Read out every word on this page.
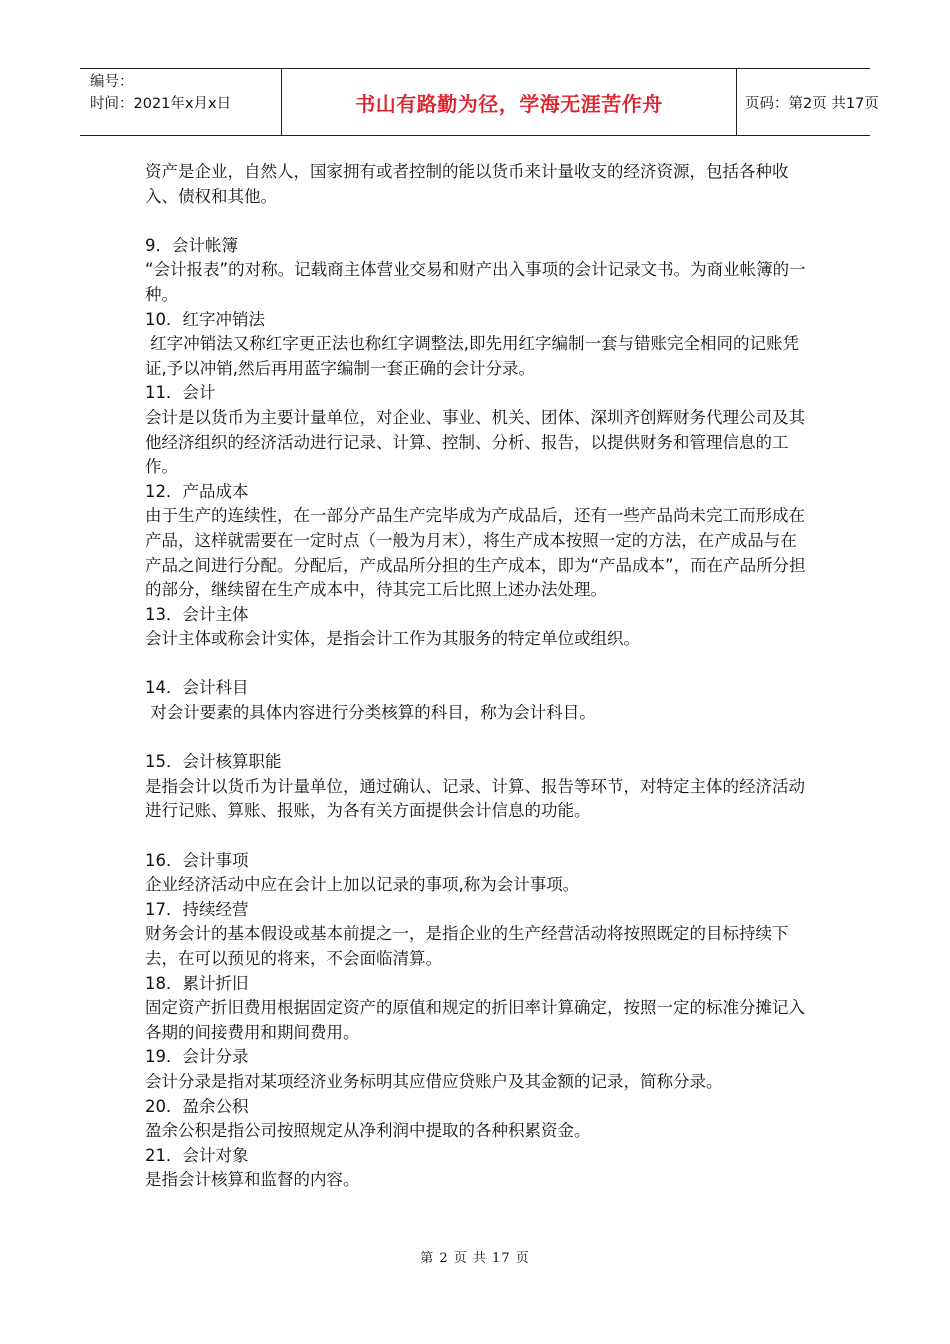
编号：
时间：2021年x月x日	书山有路勤为径，学海无涯苦作舟	页码：第2页 共17页

资产是企业，自然人，国家拥有或者控制的能以货币来计量收支的经济资源，包括各种收入、债权和其他。

9．会计帐簿

“会计报表”的对称。记载商主体营业交易和财产出入事项的会计记录文书。为商业帐簿的一种。

10．红字冲销法

红字冲销法又称红字更正法也称红字调整法,即先用红字编制一套与错账完全相同的记账凭证,予以冲销,然后再用蓝字编制一套正确的会计分录。

11．会计

会计是以货币为主要计量单位，对企业、事业、机关、团体、深圳齐创辉财务代理公司及其他经济组织的经济活动进行记录、计算、控制、分析、报告，以提供财务和管理信息的工作。

12．产品成本

由于生产的连续性，在一部分产品生产完毕成为产成品后，还有一些产品尚未完工而形成在产品，这样就需要在一定时点（一般为月末），将生产成本按照一定的方法，在产成品与在产品之间进行分配。分配后，产成品所分担的生产成本，即为“产品成本”，而在产品所分担的部分，继续留在生产成本中，待其完工后比照上述办法处理。

13．会计主体

会计主体或称会计实体，是指会计工作为其服务的特定单位或组织。

14．会计科目

对会计要素的具体内容进行分类核算的科目，称为会计科目。

15．会计核算职能

是指会计以货币为计量单位，通过确认、记录、计算、报告等环节，对特定主体的经济活动进行记账、算账、报账，为各有关方面提供会计信息的功能。

16．会计事项

企业经济活动中应在会计上加以记录的事项,称为会计事项。

17．持续经营

财务会计的基本假设或基本前提之一，是指企业的生产经营活动将按照既定的目标持续下去，在可以预见的将来，不会面临清算。

18．累计折旧

固定资产折旧费用根据固定资产的原值和规定的折旧率计算确定，按照一定的标准分摊记入各期的间接费用和期间费用。

19．会计分录

会计分录是指对某项经济业务标明其应借应贷账户及其金额的记录，简称分录。

20．盈余公积

盈余公积是指公司按照规定从净利润中提取的各种积累资金。

21．会计对象

是指会计核算和监督的内容。

第 2 页 共 17 页
